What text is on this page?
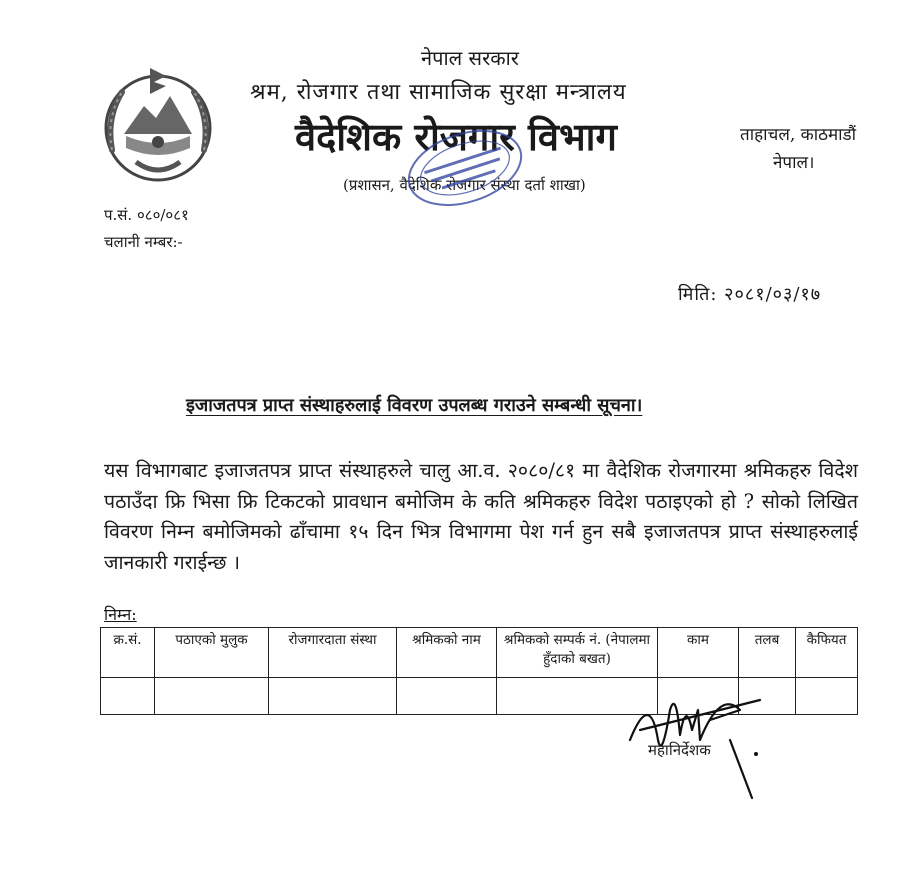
नेपाल सरकार
श्रम, रोजगार तथा सामाजिक सुरक्षा मन्त्रालय
वैदेशिक रोजगार विभाग
(प्रशासन, वैदेशिक रोजगार संस्था दर्ता शाखा)
ताहाचल, काठमाडौं
नेपाल।
प.सं. ०८०/०८१
चलानी नम्बर:-
मिति: २०८१/०३/१७
इजाजतपत्र प्राप्त संस्थाहरुलाई विवरण उपलब्ध गराउने सम्बन्धी सूचना।

यस विभागबाट इजाजतपत्र प्राप्त संस्थाहरुले चालु आ.व. २०८०/८१ मा वैदेशिक रोजगारमा श्रमिकहरु विदेश पठाउँदा फ्रि भिसा फ्रि टिकटको प्रावधान बमोजिम के कति श्रमिकहरु विदेश पठाइएको हो ? सोको लिखित विवरण निम्न बमोजिमको ढाँचामा १५ दिन भित्र विभागमा पेश गर्न हुन सबै इजाजतपत्र प्राप्त संस्थाहरुलाई जानकारी गराईन्छ ।

निम्न:
क्र.सं.	पठाएको मुलुक	रोजगारदाता संस्था	श्रमिकको नाम	श्रमिकको सम्पर्क नं. (नेपालमा हुँदाको बखत)	काम	तलब	कैफियत

महानिर्देशक
